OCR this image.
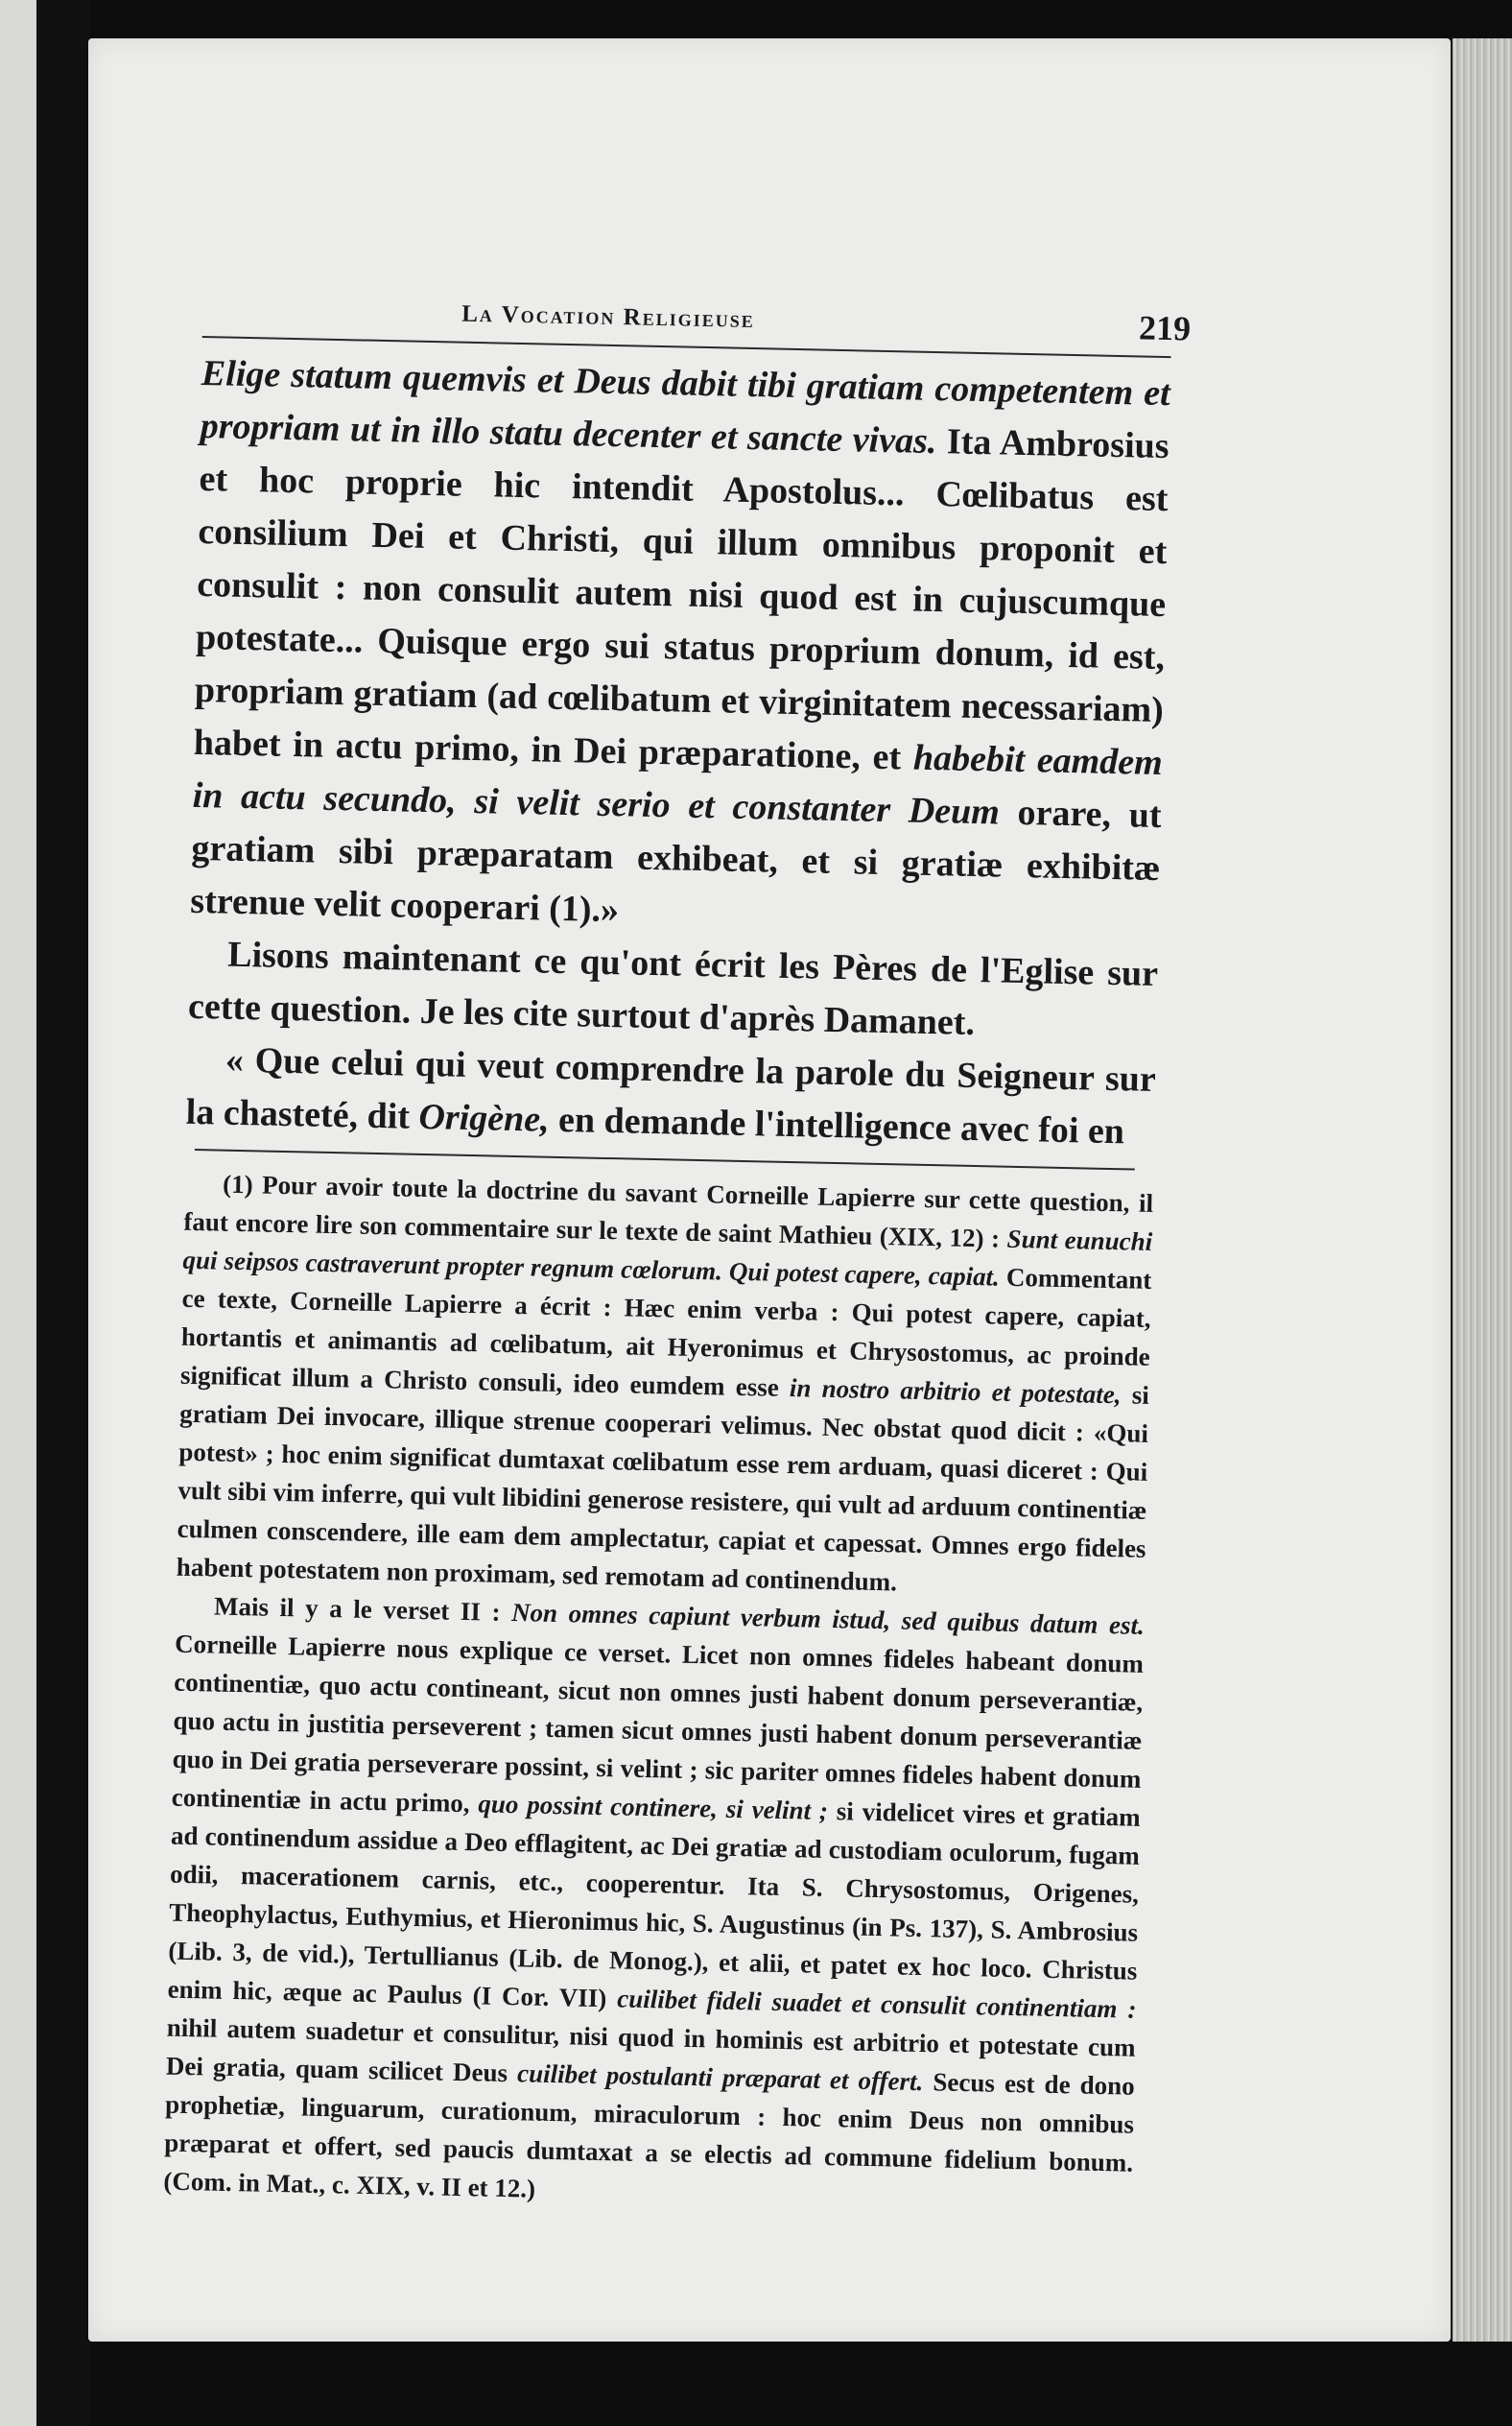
La Vocation Religieuse	219

Elige statum quemvis et Deus dabit tibi gratiam competentem et propriam ut in illo statu decenter et sancte vivas. Ita Ambrosius et hoc proprie hic intendit Apostolus... Cœlibatus est consilium Dei et Christi, qui illum omnibus proponit et consulit : non consulit autem nisi quod est in cujuscumque potestate... Quisque ergo sui status proprium donum, id est, propriam gratiam (ad cœlibatum et virginitatem necessariam) habet in actu primo, in Dei præparatione, et habebit eamdem in actu secundo, si velit serio et constanter Deum orare, ut gratiam sibi præparatam exhibeat, et si gratiæ exhibitæ strenue velit cooperari (1).»

Lisons maintenant ce qu'ont écrit les Pères de l'Eglise sur cette question. Je les cite surtout d'après Damanet.

« Que celui qui veut comprendre la parole du Seigneur sur la chasteté, dit Origène, en demande l'intelligence avec foi en

(1) Pour avoir toute la doctrine du savant Corneille Lapierre sur cette question, il faut encore lire son commentaire sur le texte de saint Mathieu (XIX, 12) : Sunt eunuchi qui seipsos castraverunt propter regnum cœlorum. Qui potest capere, capiat. Commentant ce texte, Corneille Lapierre a écrit : Hæc enim verba : Qui potest capere, capiat, hortantis et animantis ad cœlibatum, ait Hyeronimus et Chrysostomus, ac proinde significat illum a Christo consuli, ideo eumdem esse in nostro arbitrio et potestate, si gratiam Dei invocare, illique strenue cooperari velimus. Nec obstat quod dicit : «Qui potest» ; hoc enim significat dumtaxat cœlibatum esse rem arduam, quasi diceret : Qui vult sibi vim inferre, qui vult libidini generose resistere, qui vult ad arduum continentiæ culmen conscendere, ille eam dem amplectatur, capiat et capessat. Omnes ergo fideles habent potestatem non proximam, sed remotam ad continendum.

Mais il y a le verset II : Non omnes capiunt verbum istud, sed quibus datum est. Corneille Lapierre nous explique ce verset. Licet non omnes fideles habeant donum continentiæ, quo actu contineant, sicut non omnes justi habent donum perseverantiæ, quo actu in justitia perseverent ; tamen sicut omnes justi habent donum perseverantiæ quo in Dei gratia perseverare possint, si velint ; sic pariter omnes fideles habent donum continentiæ in actu primo, quo possint continere, si velint ; si videlicet vires et gratiam ad continendum assidue a Deo efflagitent, ac Dei gratiæ ad custodiam oculorum, fugam odii, macerationem carnis, etc., cooperentur. Ita S. Chrysostomus, Origenes, Theophylactus, Euthymius, et Hieronimus hic, S. Augustinus (in Ps. 137), S. Ambrosius (Lib. 3, de vid.), Tertullianus (Lib. de Monog.), et alii, et patet ex hoc loco. Christus enim hic, æque ac Paulus (I Cor. VII) cuilibet fideli suadet et consulit continentiam : nihil autem suadetur et consulitur, nisi quod in hominis est arbitrio et potestate cum Dei gratia, quam scilicet Deus cuilibet postulanti præparat et offert. Secus est de dono prophetiæ, linguarum, curationum, miraculorum : hoc enim Deus non omnibus præparat et offert, sed paucis dumtaxat a se electis ad commune fidelium bonum. (Com. in Mat., c. XIX, v. II et 12.)
